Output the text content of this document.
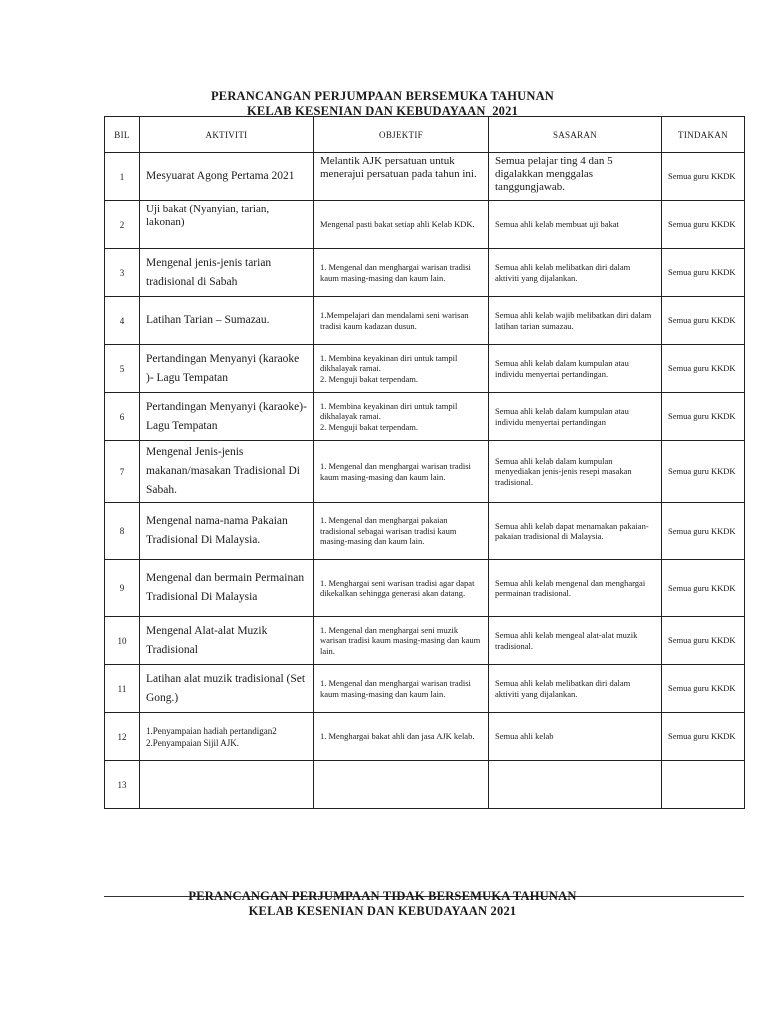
PERANCANGAN PERJUMPAAN BERSEMUKA TAHUNAN
KELAB KESENIAN DAN KEBUDAYAAN  2021
BIL	AKTIVITI	OBJEKTIF	SASARAN	TINDAKAN
1	Mesyuarat Agong Pertama 2021	Melantik AJK persatuan untuk menerajui persatuan pada tahun ini.	Semua pelajar ting 4 dan 5 digalakkan menggalas tanggungjawab.	Semua guru KKDK
2	Uji bakat (Nyanyian, tarian, lakonan)	Mengenal pasti bakat setiap ahli Kelab KDK.	Semua ahli kelab membuat uji bakat	Semua guru KKDK
3	Mengenal jenis-jenis tarian tradisional di Sabah	1. Mengenal dan menghargai warisan tradisi kaum masing-masing dan kaum lain.	Semua ahli kelab melibatkan diri dalam aktiviti yang dijalankan.	Semua guru KKDK
4	Latihan Tarian – Sumazau.	1.Mempelajari dan mendalami seni warisan tradisi kaum kadazan dusun.	Semua ahli kelab wajib melibatkan diri dalam latihan tarian sumazau.	Semua guru KKDK
5	Pertandingan Menyanyi (karaoke )- Lagu Tempatan	1. Membina keyakinan diri untuk tampil dikhalayak ramai.
2. Menguji bakat terpendam.	Semua ahli kelab dalam kumpulan atau individu menyertai pertandingan.	Semua guru KKDK
6	Pertandingan Menyanyi (karaoke)-Lagu Tempatan	1. Membina keyakinan diri untuk tampil dikhalayak ramai.
2. Menguji bakat terpendam.	Semua ahli kelab dalam kumpulan atau individu menyertai pertandingan	Semua guru KKDK
7	Mengenal Jenis-jenis makanan/masakan Tradisional Di Sabah.	1. Mengenal dan menghargai warisan tradisi kaum masing-masing dan kaum lain.	Semua ahli kelab dalam kumpulan menyediakan jenis-jenis resepi masakan tradisional.	Semua guru KKDK
8	Mengenal nama-nama Pakaian Tradisional Di Malaysia.	1. Mengenal dan menghargai pakaian tradisional sebagai warisan tradisi kaum masing-masing dan kaum lain.	Semua ahli kelab dapat menamakan pakaian-pakaian tradisional di Malaysia.	Semua guru KKDK
9	Mengenal dan bermain Permainan Tradisional Di Malaysia	1. Menghargai seni warisan tradisi agar dapat dikekalkan sehingga generasi akan datang.	Semua ahli kelab mengenal dan menghargai permainan tradisional.	Semua guru KKDK
10	Mengenal Alat-alat Muzik Tradisional	1. Mengenal dan menghargai seni muzik warisan tradisi kaum masing-masing dan kaum lain.	Semua ahli kelab mengeal alat-alat muzik tradisional.	Semua guru KKDK
11	Latihan alat muzik tradisional (Set Gong.)	1. Mengenal dan menghargai warisan tradisi kaum masing-masing dan kaum lain.	Semua ahli kelab melibatkan diri dalam aktiviti yang dijalankan.	Semua guru KKDK
12	1.Penyampaian hadiah pertandigan2
2.Penyampaian Sijil AJK.	1. Menghargai bakat ahli dan jasa AJK kelab.	Semua ahli kelab	Semua guru KKDK
13				
PERANCANGAN PERJUMPAAN TIDAK BERSEMUKA TAHUNAN
KELAB KESENIAN DAN KEBUDAYAAN 2021
